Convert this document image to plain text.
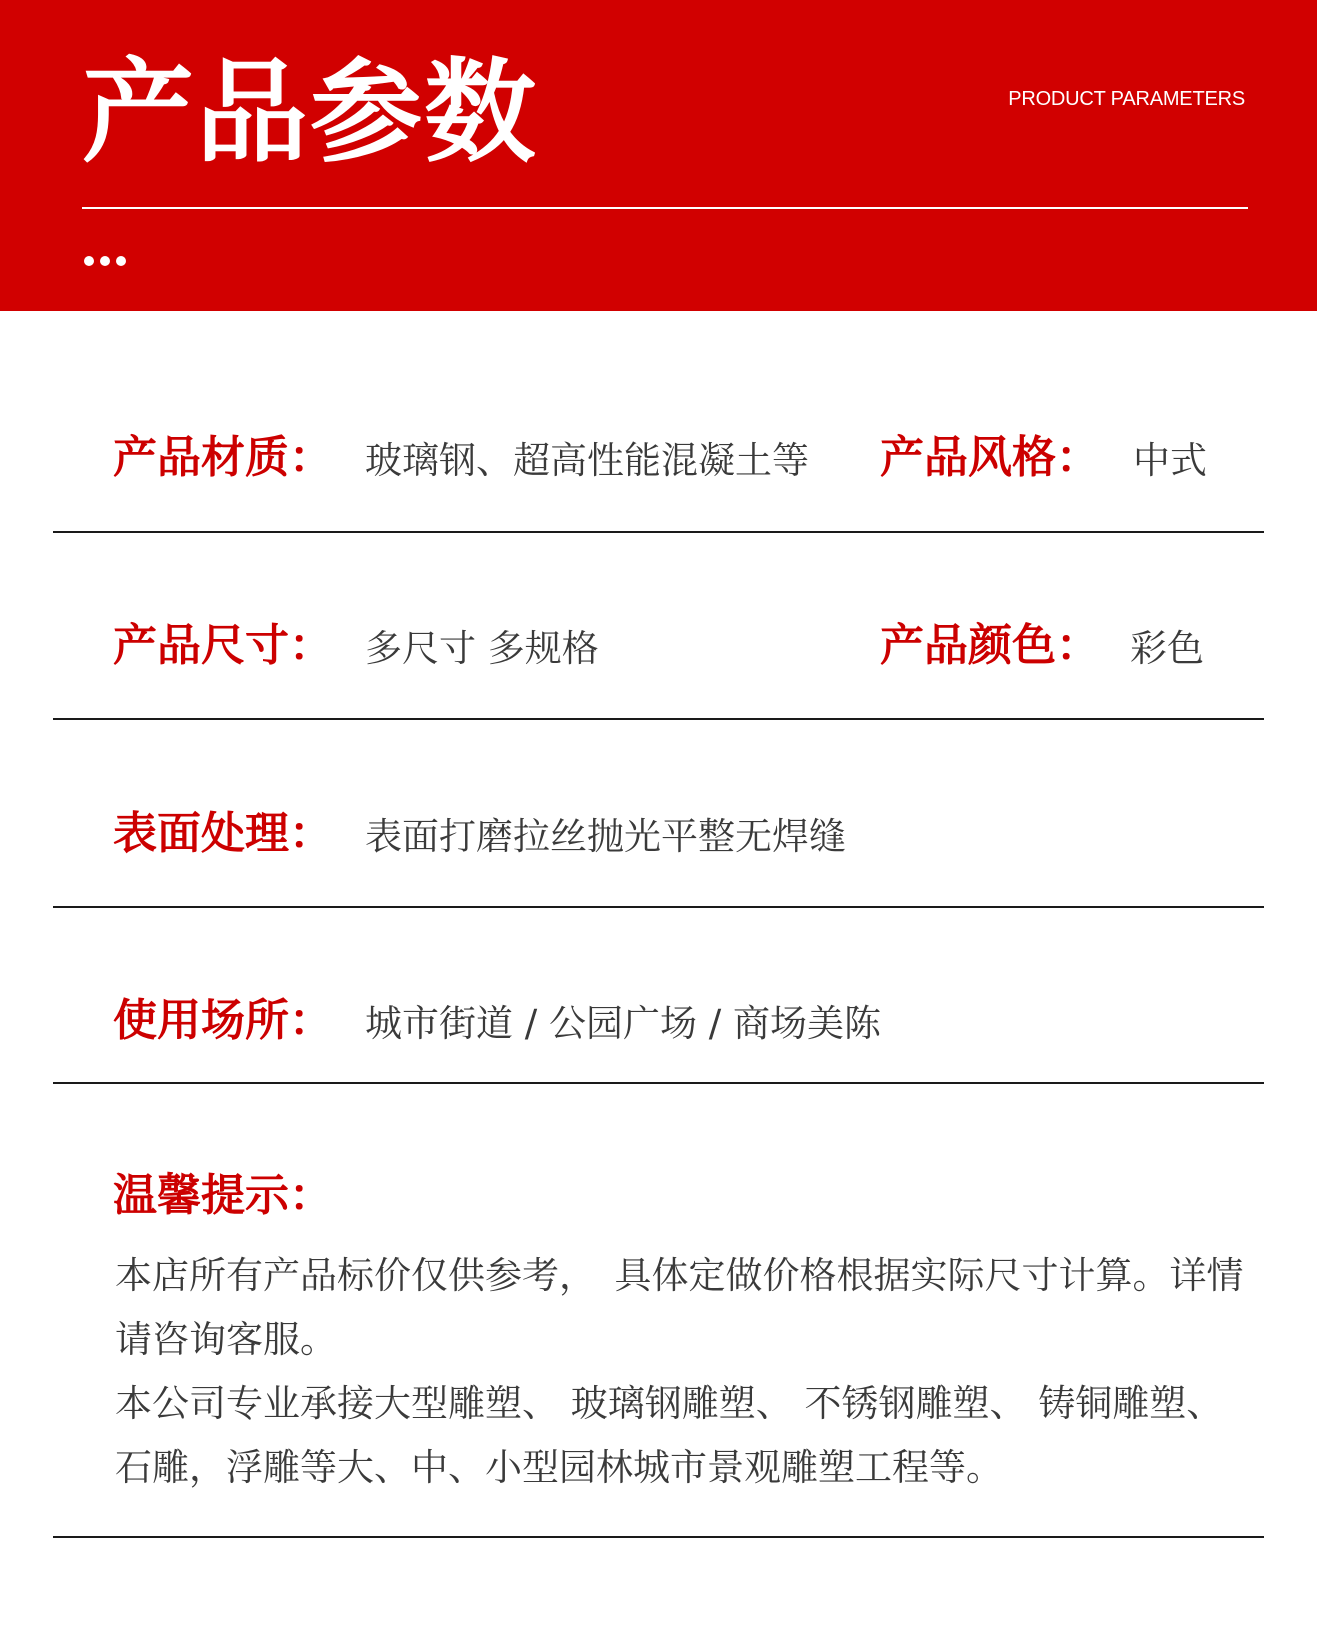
产品参数	PRODUCT PARAMETERS
产品材质： 玻璃钢、超高性能混凝土等 产品风格： 中式
产品尺寸： 多尺寸 多规格	产品颜色： 彩色
表面处理： 表面打磨拉丝抛光平整无焊缝
使用场所： 城市街道 / 公园广场 / 商场美陈
温馨提示：

本店所有产品标价仅供参考，　具体定做价格根据实际尺寸计算。详情请咨询客服。

本公司专业承接大型雕塑、 玻璃钢雕塑、 不锈钢雕塑、 铸铜雕塑、石雕，浮雕等大、中、小型园林城市景观雕塑工程等。
